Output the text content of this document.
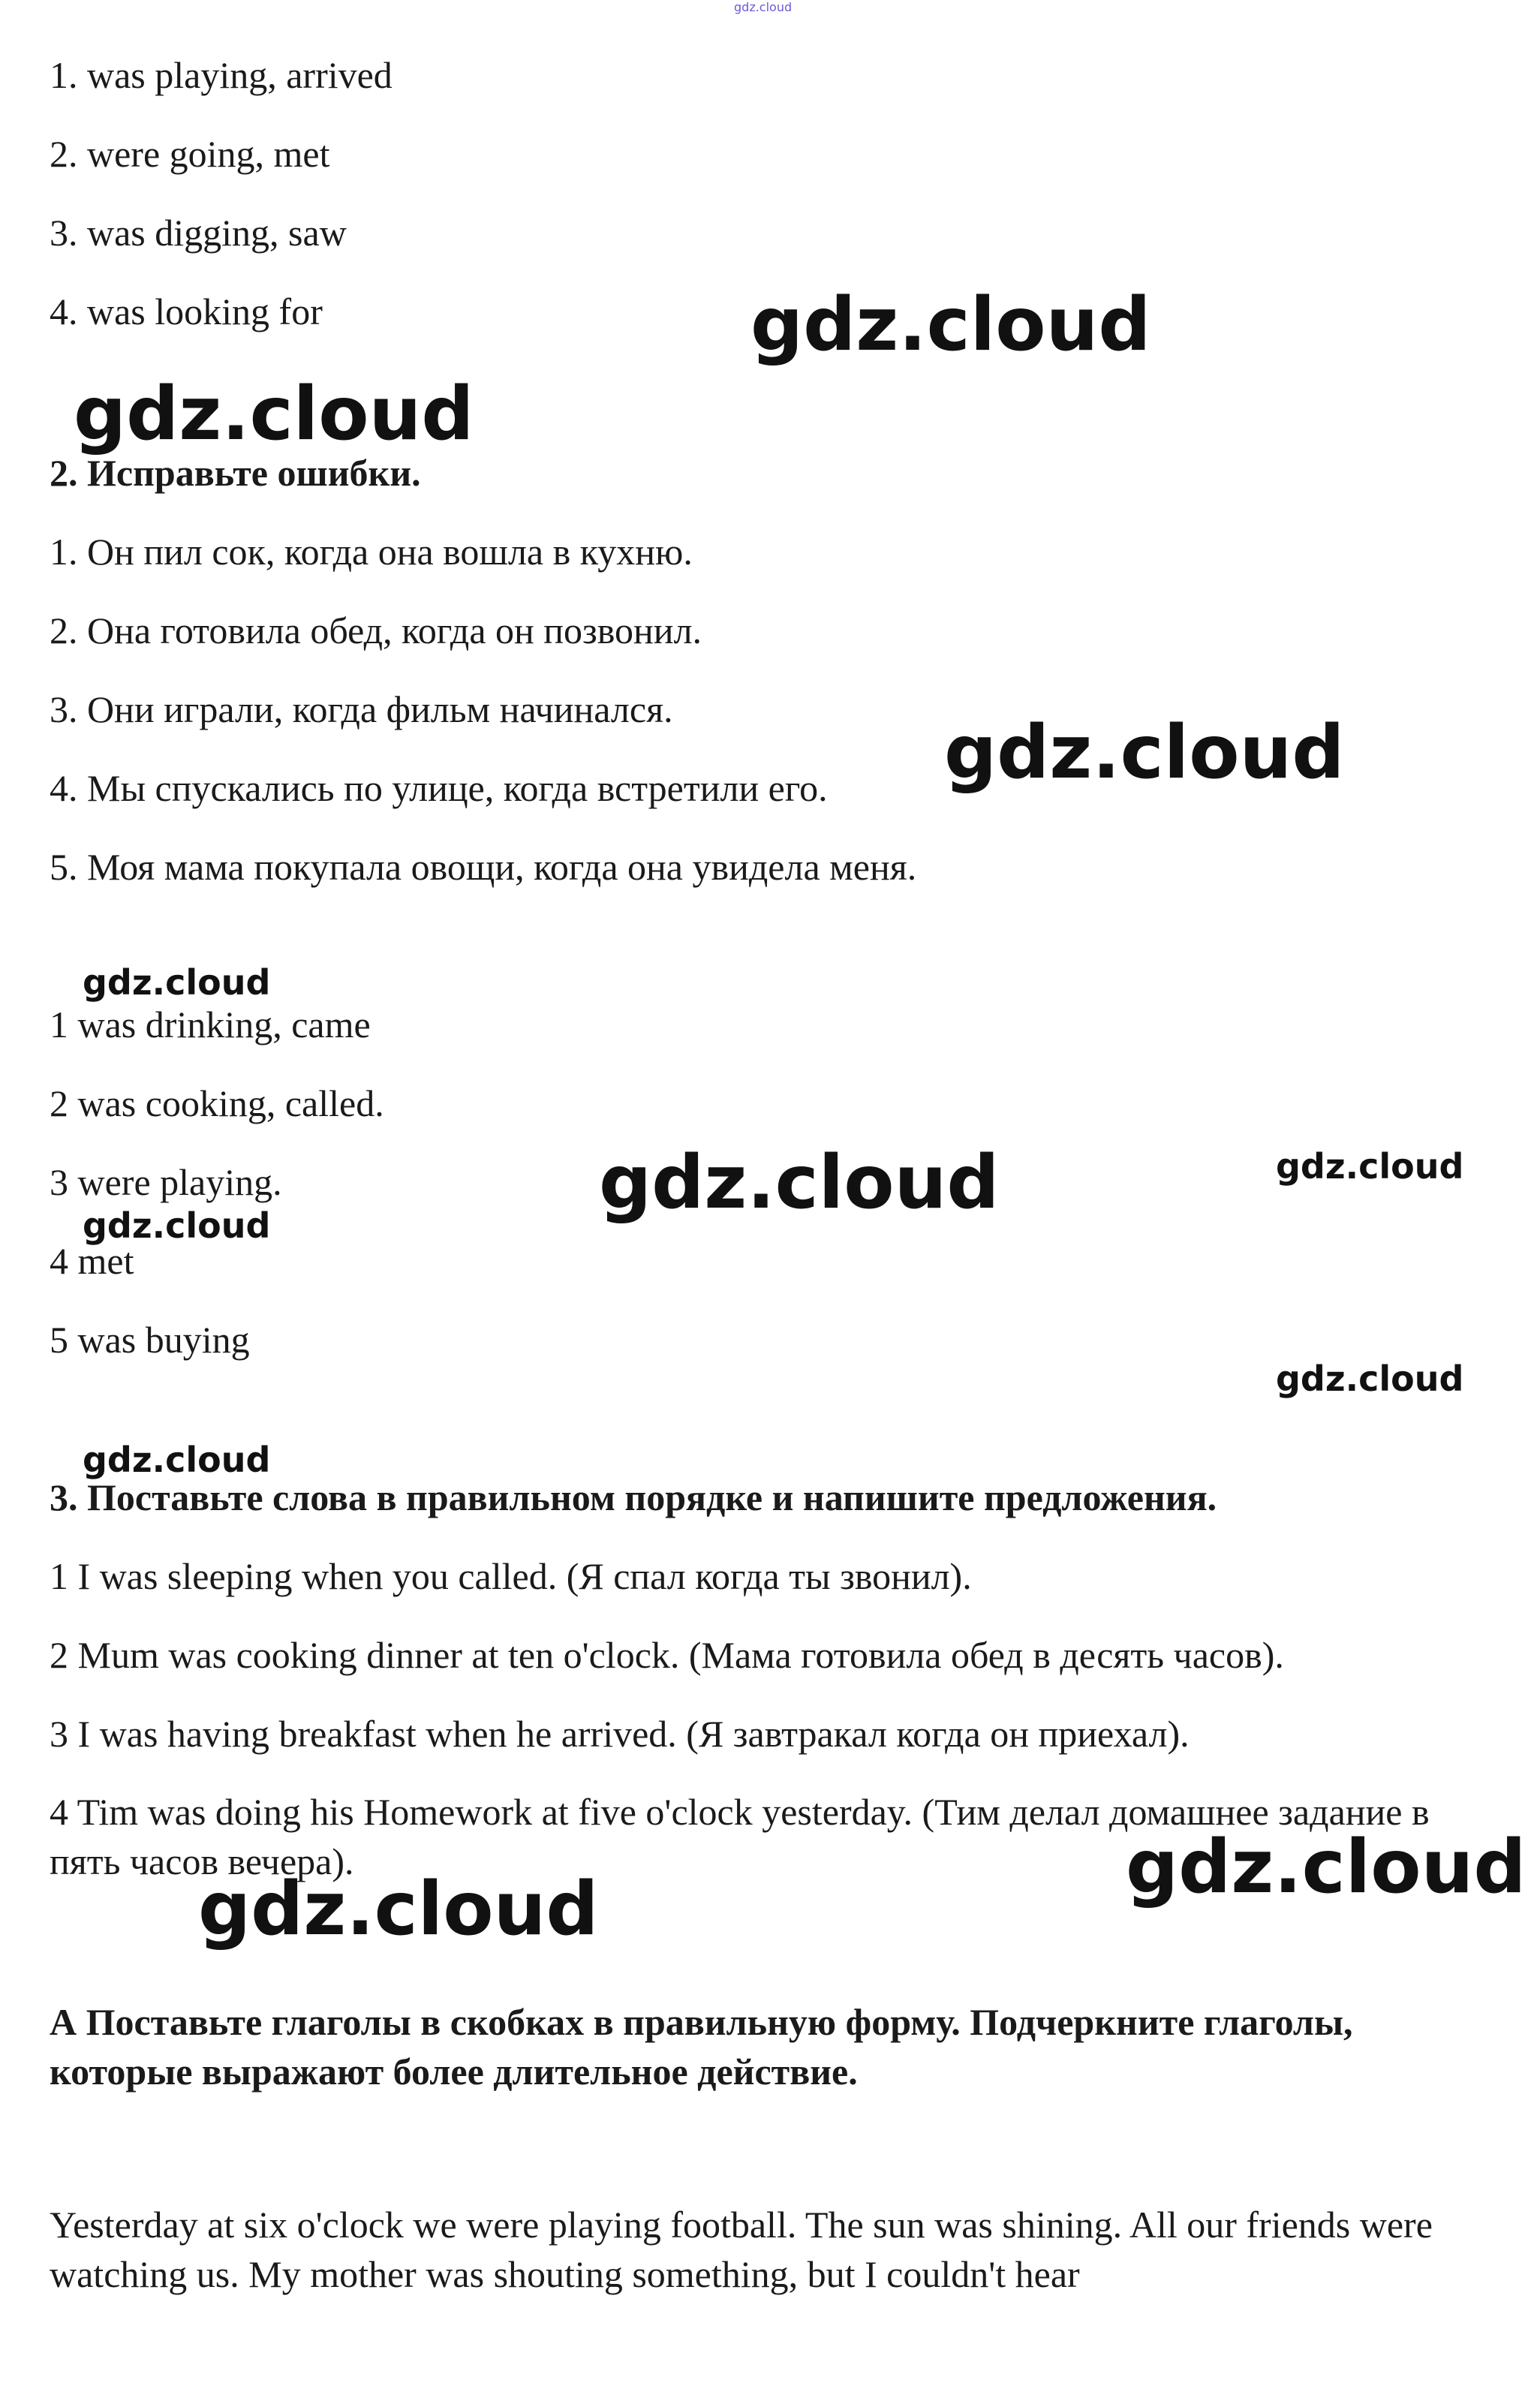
gdz.cloud
1. was playing, arrived
2. were going, met
3. was digging, saw
4. was looking for
2. Исправьте ошибки.
1. Он пил сок, когда она вошла в кухню.
2. Она готовила обед, когда он позвонил.
3. Они играли, когда фильм начинался.
4. Мы спускались по улице, когда встретили его.
5. Моя мама покупала овощи, когда она увидела меня.
1 was drinking, came
2 was cooking, called.
3 were playing.
4 met
5 was buying
3. Поставьте слова в правильном порядке и напишите предложения.
1 I was sleeping when you called. (Я спал когда ты звонил).
2 Mum was cooking dinner at ten o'clock. (Мама готовила обед в десять часов).
3 I was having breakfast when he arrived. (Я завтракал когда он приехал).
4 Tim was doing his Homework at five o'clock yesterday. (Тим делал домашнее задание в пять часов вечера).
А Поставьте глаголы в скобках в правильную форму. Подчеркните глаголы, которые выражают более длительное действие.
Yesterday at six o'clock we were playing football. The sun was shining. All our friends were watching us. My mother was shouting something, but I couldn't hear
gdz.cloud
gdz.cloud
gdz.cloud
gdz.cloud
gdz.cloud	gdz.cloud
gdz.cloud
gdz.cloud
gdz.cloud
gdz.cloud
gdz.cloud
